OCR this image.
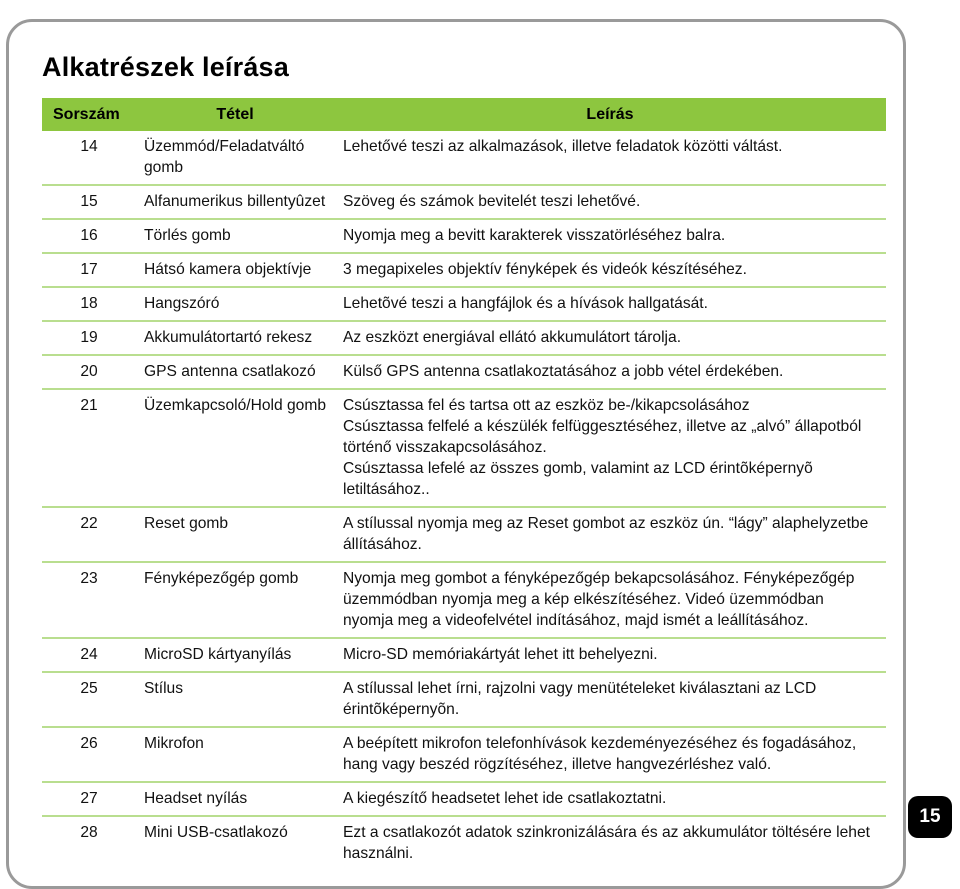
Alkatrészek leírása
Sorszám	Tétel	Leírás
14	Üzemmód/Feladatváltó gomb	Lehetővé teszi az alkalmazások, illetve feladatok közötti váltást.

15	Alfanumerikus billentyûzet	Szöveg és számok bevitelét teszi lehetővé.

16	Törlés gomb	Nyomja meg a bevitt karakterek visszatörléséhez balra.

17	Hátsó kamera objektívje	3 megapixeles objektív fényképek és videók készítéséhez.

18	Hangszóró	Lehetõvé teszi a hangfájlok és a hívások hallgatását.

19	Akkumulátortartó rekesz	Az eszközt energiával ellátó akkumulátort tárolja.

20	GPS antenna csatlakozó	Külső GPS antenna csatlakoztatásához a jobb vétel érdekében.

21	Üzemkapcsoló/Hold gomb	Csúsztassa fel és tartsa ott az eszköz be-/kikapcsolásához
Csúsztassa felfelé a készülék felfüggesztéséhez, illetve az „alvó” állapotból történő visszakapcsolásához.
Csúsztassa lefelé az összes gomb, valamint az LCD érintõképernyõ letiltásához..

22	Reset gomb	A stílussal nyomja meg az Reset gombot az eszköz ún. “lágy” alaphelyzetbe állításához.

23	Fényképezőgép gomb	Nyomja meg gombot a fényképezőgép bekapcsolásához. Fényképezőgép üzemmódban nyomja meg a kép elkészítéséhez. Videó üzemmódban nyomja meg a videofelvétel indításához, majd ismét a leállításához.

24	MicroSD kártyanyílás	Micro-SD memóriakártyát lehet itt behelyezni.

25	Stílus	A stílussal lehet írni, rajzolni vagy menütételeket kiválasztani az LCD érintõképernyõn.

26	Mikrofon	A beépített mikrofon telefonhívások kezdeményezéséhez és fogadásához, hang vagy beszéd rögzítéséhez, illetve hangvezérléshez való.

27	Headset nyílás	A kiegészítő headsetet lehet ide csatlakoztatni.

28	Mini USB-csatlakozó	Ezt a csatlakozót adatok szinkronizálására és az akkumulátor töltésére lehet használni.
15
